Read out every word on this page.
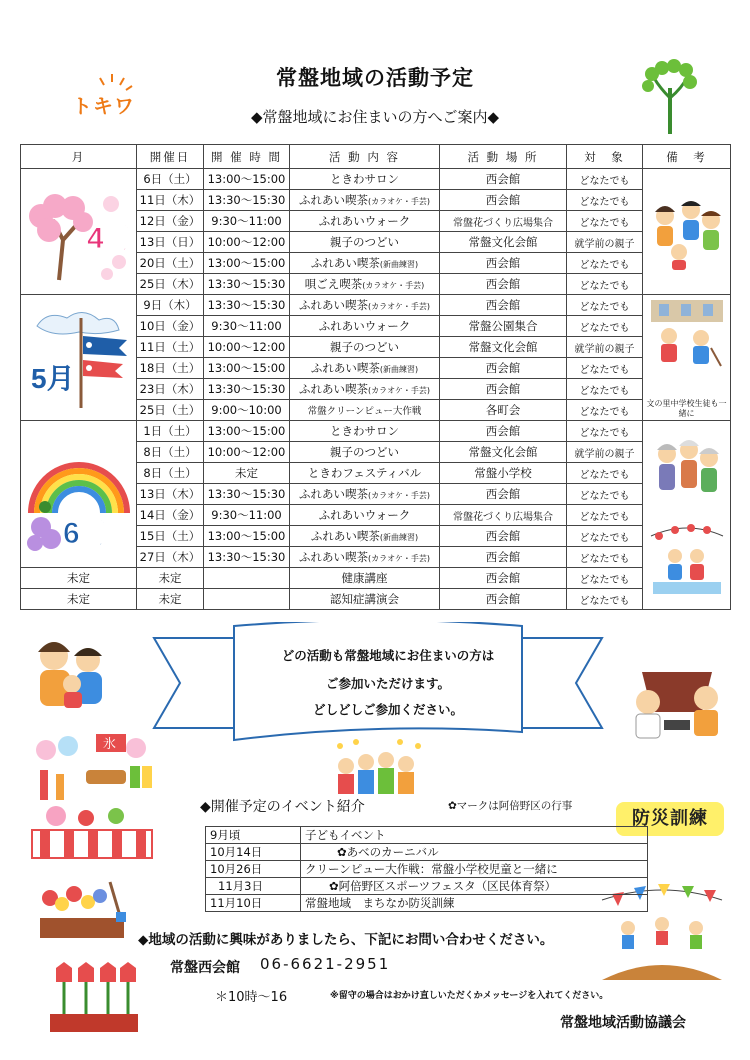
トキワ
常盤地域の活動予定
◆常盤地域にお住まいの方へご案内◆
月	開催日	開 催 時 間	活 動 内 容	活 動 場 所	対　象	備　考

4月	6日（土）	13:00～15:00	ときわサロン	西会館	どなたでも	
	11日（木）	13:30～15:30	ふれあい喫茶(カラオケ・手芸)	西会館	どなたでも	
	12日（金）	9:30～11:00	ふれあいウォーク	常盤花づくり広場集合	どなたでも	
	13日（日）	10:00～12:00	親子のつどい	常盤文化会館	就学前の親子	
	20日（土）	13:00～15:00	ふれあい喫茶(新曲練習)	西会館	どなたでも	
	25日（木）	13:30～15:30	唄ごえ喫茶(カラオケ・手芸)	西会館	どなたでも	

5月	9日（木）	13:30～15:30	ふれあい喫茶(カラオケ・手芸)	西会館	どなたでも	文の里中学校生徒も一緒に

	10日（金）	9:30～11:00	ふれあいウォーク	常盤公園集合	どなたでも	
	11日（土）	10:00～12:00	親子のつどい	常盤文化会館	就学前の親子	
	18日（土）	13:00～15:00	ふれあい喫茶(新曲練習)	西会館	どなたでも	
	23日（木）	13:30～15:30	ふれあい喫茶(カラオケ・手芸)	西会館	どなたでも	
	25日（土）	9:00～10:00	常盤クリーンピュー大作戦	各町会	どなたでも	

6月	1日（土）	13:00～15:00	ときわサロン	西会館	どなたでも	
	8日（土）	10:00～12:00	親子のつどい	常盤文化会館	就学前の親子	
	8日（土）	未定	ときわフェスティバル	常盤小学校	どなたでも	
	13日（木）	13:30～15:30	ふれあい喫茶(カラオケ・手芸)	西会館	どなたでも	
	14日（金）	9:30～11:00	ふれあいウォーク	常盤花づくり広場集合	どなたでも	
	15日（土）	13:00～15:00	ふれあい喫茶(新曲練習)	西会館	どなたでも	
	27日（木）	13:30～15:30	ふれあい喫茶(カラオケ・手芸)	西会館	どなたでも	
未定	未定		健康講座	西会館	どなたでも	
未定	未定		認知症講演会	西会館	どなたでも	
氷
どの活動も常盤地域にお住まいの方は
ご参加いただけます。
どしどしご参加ください。
◆開催予定のイベント紹介	✿マークは阿倍野区の行事
防災訓練
9月頃	子どもイベント
10月14日	✿あべのカーニバル
10月26日	クリーンピュー大作戦：常盤小学校児童と一緒に
11月3日	✿阿倍野区スポーツフェスタ（区民体育祭）
11月10日	常盤地域　まちなか防災訓練
◆地域の活動に興味がありましたら、下記にお問い合わせください。
常盤西会館 06-6621-2951
＊10時～16	※留守の場合はおかけ直しいただくかメッセージを入れてください。
常盤地域活動協議会
